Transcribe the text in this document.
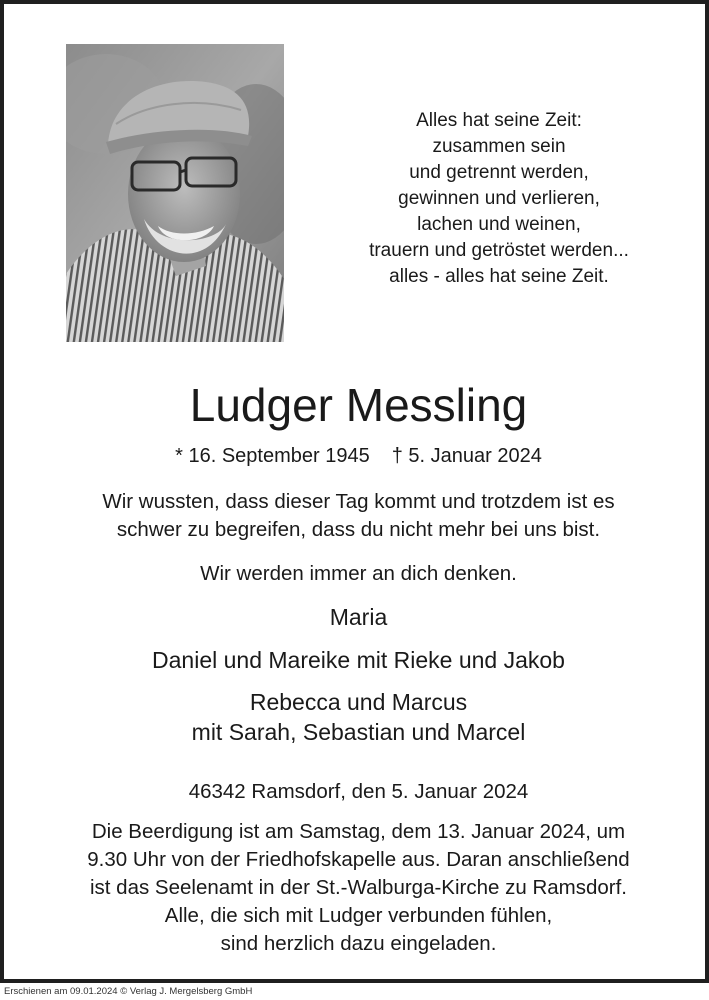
Alles hat seine Zeit:
zusammen sein
und getrennt werden,
gewinnen und verlieren,
lachen und weinen,
trauern und getröstet werden...
alles - alles hat seine Zeit.
Ludger Messling
* 16. September 1945 † 5. Januar 2024
Wir wussten, dass dieser Tag kommt und trotzdem ist es
schwer zu begreifen, dass du nicht mehr bei uns bist.
Wir werden immer an dich denken.
Maria
Daniel und Mareike mit Rieke und Jakob
Rebecca und Marcus
mit Sarah, Sebastian und Marcel
46342 Ramsdorf, den 5. Januar 2024
Die Beerdigung ist am Samstag, dem 13. Januar 2024, um
9.30 Uhr von der Friedhofskapelle aus. Daran anschließend
ist das Seelenamt in der St.-Walburga-Kirche zu Ramsdorf.
Alle, die sich mit Ludger verbunden fühlen,
sind herzlich dazu eingeladen.
Erschienen am 09.01.2024 © Verlag J. Mergelsberg GmbH
